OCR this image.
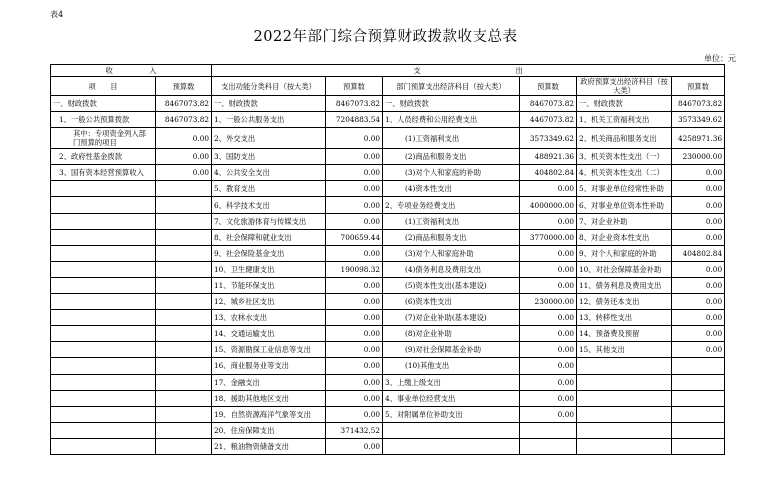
表4
2022年部门综合预算财政拨款收支总表
单位：元
收　　　　　入		支　　　　　　　　　　　　　出					
项　　目	预算数	支出功能分类科目（按大类）	预算数	部门预算支出经济科目（按大类）	预算数	政府预算支出经济科目（按大类）	预算数
一、财政拨款	8467073.82	一、财政拨款	8467073.82	一、财政拨款	8467073.82	一、财政拨款	8467073.82
1、一般公共预算拨款	8467073.82	1、一般公共服务支出	7204883.54	1、人员经费和公用经费支出	4467073.82	1、机关工资福利支出	3573349.62
其中：专项资金列入部门预算的项目	0.00	2、外交支出	0.00	(1)工资福利支出	3573349.62	2、机关商品和服务支出	4258971.36
2、政府性基金拨款	0.00	3、国防支出	0.00	(2)商品和服务支出	488921.36	3、机关资本性支出（一）	230000.00
3、国有资本经营预算收入	0.00	4、公共安全支出	0.00	(3)对个人和家庭的补助	404802.84	4、机关资本性支出（二）	0.00
		5、教育支出	0.00	(4)资本性支出	0.00	5、对事业单位经常性补助	0.00
		6、科学技术支出	0.00	2、专项业务经费支出	4000000.00	6、对事业单位资本性补助	0.00
		7、文化旅游体育与传媒支出	0.00	(1)工资福利支出	0.00	7、对企业补助	0.00
		8、社会保障和就业支出	700659.44	(2)商品和服务支出	3770000.00	8、对企业资本性支出	0.00
		9、社会保险基金支出	0.00	(3)对个人和家庭补助	0.00	9、对个人和家庭的补助	404802.84
		10、卫生健康支出	190098.32	(4)债务利息及费用支出	0.00	10、对社会保障基金补助	0.00
		11、节能环保支出	0.00	(5)资本性支出(基本建设)	0.00	11、债务利息及费用支出	0.00
		12、城乡社区支出	0.00	(6)资本性支出	230000.00	12、债务还本支出	0.00
		13、农林水支出	0.00	(7)对企业补助(基本建设)	0.00	13、转移性支出	0.00
		14、交通运输支出	0.00	(8)对企业补助	0.00	14、预备费及预留	0.00
		15、资源勘探工业信息等支出	0.00	(9)对社会保障基金补助	0.00	15、其他支出	0.00
		16、商业服务业等支出	0.00	(10)其他支出	0.00		
		17、金融支出	0.00	3、上缴上级支出	0.00		
		18、援助其他地区支出	0.00	4、事业单位经营支出	0.00		
		19、自然资源海洋气象等支出	0.00	5、对附属单位补助支出	0.00		
		20、住房保障支出	371432.52				
		21、粮油物资储备支出	0.00				
